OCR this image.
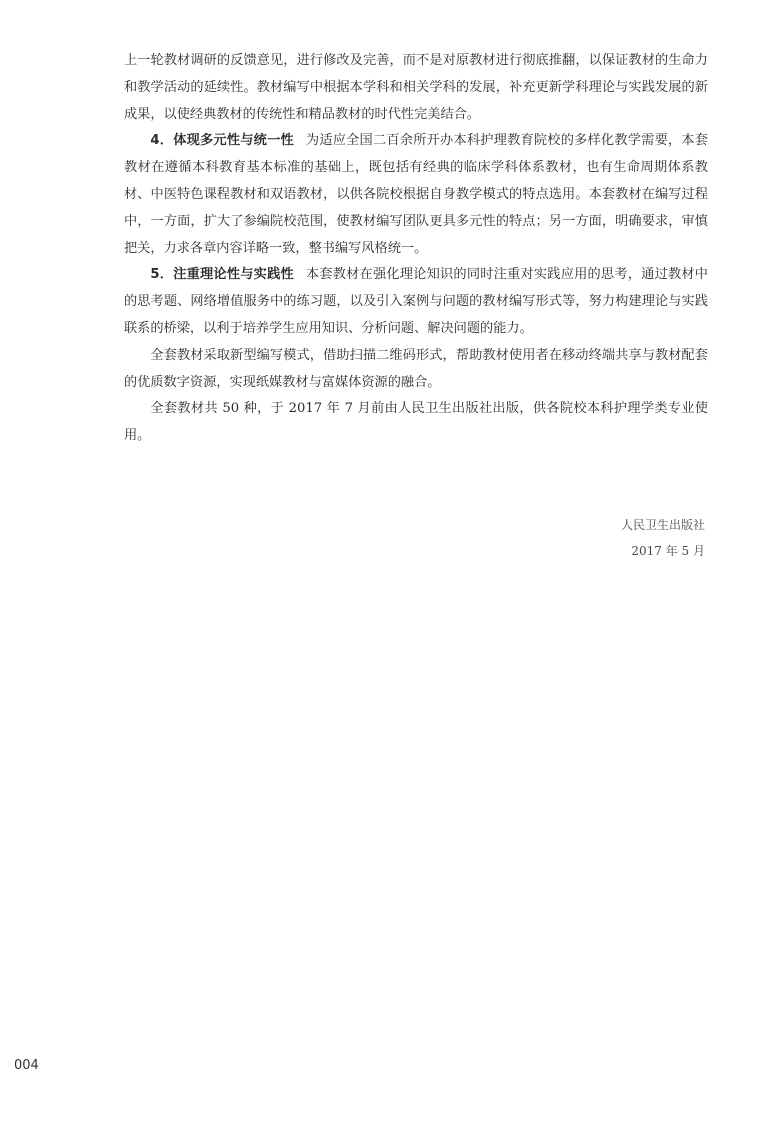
上一轮教材调研的反馈意见，进行修改及完善，而不是对原教材进行彻底推翻，以保证教材的生命力和教学活动的延续性。教材编写中根据本学科和相关学科的发展，补充更新学科理论与实践发展的新成果，以使经典教材的传统性和精品教材的时代性完美结合。

4．体现多元性与统一性 为适应全国二百余所开办本科护理教育院校的多样化教学需要，本套教材在遵循本科教育基本标准的基础上，既包括有经典的临床学科体系教材，也有生命周期体系教材、中医特色课程教材和双语教材，以供各院校根据自身教学模式的特点选用。本套教材在编写过程中，一方面，扩大了参编院校范围，使教材编写团队更具多元性的特点；另一方面，明确要求，审慎把关，力求各章内容详略一致，整书编写风格统一。

5．注重理论性与实践性 本套教材在强化理论知识的同时注重对实践应用的思考，通过教材中的思考题、网络增值服务中的练习题，以及引入案例与问题的教材编写形式等，努力构建理论与实践联系的桥梁，以利于培养学生应用知识、分析问题、解决问题的能力。

全套教材采取新型编写模式，借助扫描二维码形式，帮助教材使用者在移动终端共享与教材配套的优质数字资源，实现纸媒教材与富媒体资源的融合。

全套教材共 50 种，于 2017 年 7 月前由人民卫生出版社出版，供各院校本科护理学类专业使用。

人民卫生出版社
2017 年 5 月
004
